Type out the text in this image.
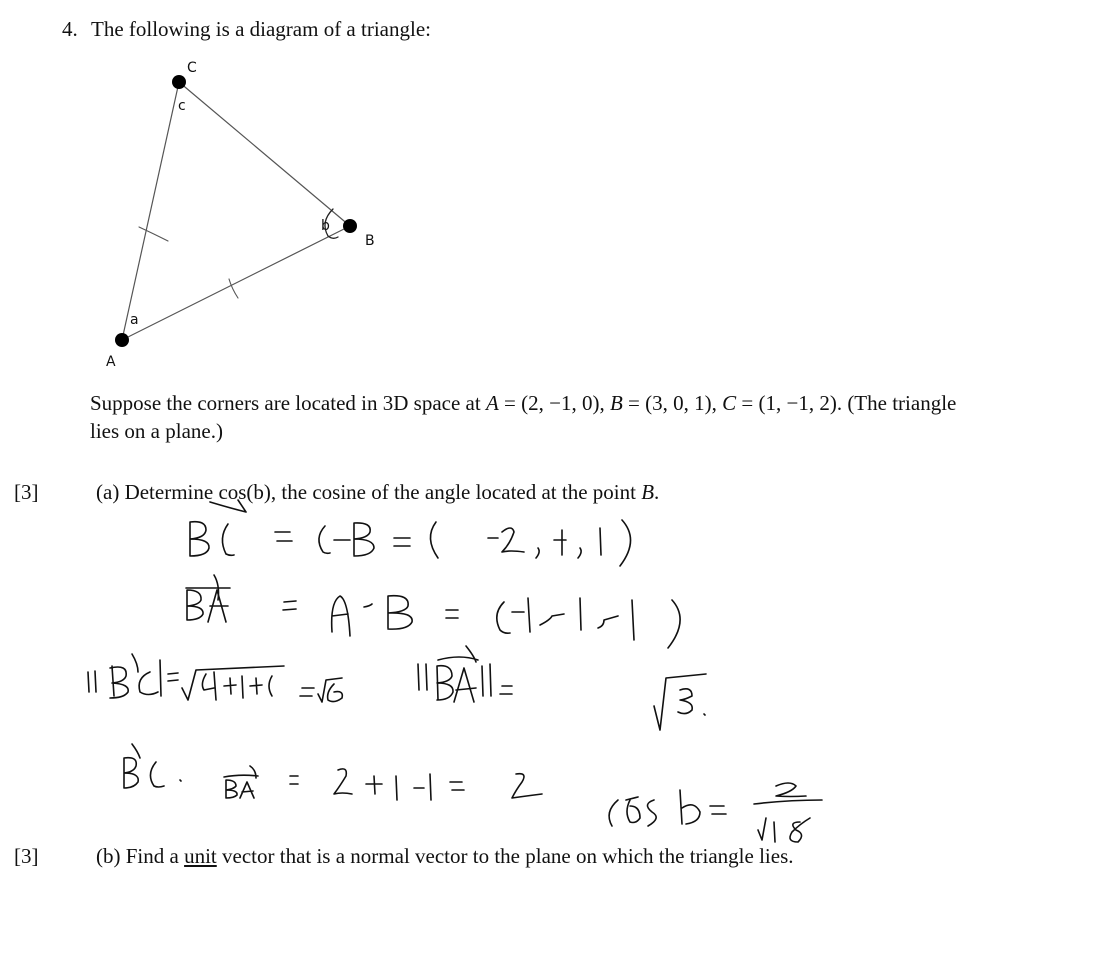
4. The following is a diagram of a triangle:
A
B
C
a
b
c
Suppose the corners are located in 3D space at A = (2, −1, 0), B = (3, 0, 1), C = (1, −1, 2). (The triangle
lies on a plane.)
[3]	(a) Determine cos(b), the cosine of the angle located at the point B.
[3]	(b) Find a unit vector that is a normal vector to the plane on which the triangle lies.
